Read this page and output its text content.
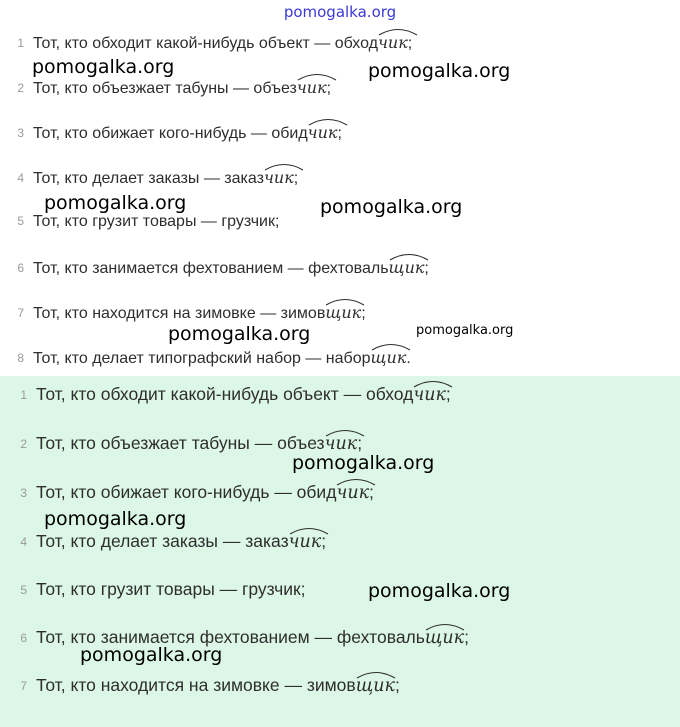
pomogalka.org
1 Тот, кто обходит какой-нибудь объект — обходчик
;
2 Тот, кто объезжает табуны — объезчик
;
3 Тот, кто обижает кого-нибудь — обидчик
;
4 Тот, кто делает заказы — заказчик
;
5 Тот, кто грузит товары — грузчик;
6 Тот, кто занимается фехтованием — фехтовальщик
;
7 Тот, кто находится на зимовке — зимовщик
;
8 Тот, кто делает типографский набор — наборщик
.
1 Тот, кто обходит какой-нибудь объект — обходчик
;
2 Тот, кто объезжает табуны — объезчик
;
3 Тот, кто обижает кого-нибудь — обидчик
;
4 Тот, кто делает заказы — заказчик
;
5 Тот, кто грузит товары — грузчик;
6 Тот, кто занимается фехтованием — фехтовальщик
;
7 Тот, кто находится на зимовке — зимовщик
;
pomogalka.org	pomogalka.org
pomogalka.org	pomogalka.org
pomogalka.org	pomogalka.org
pomogalka.org
pomogalka.org
pomogalka.org
pomogalka.org
